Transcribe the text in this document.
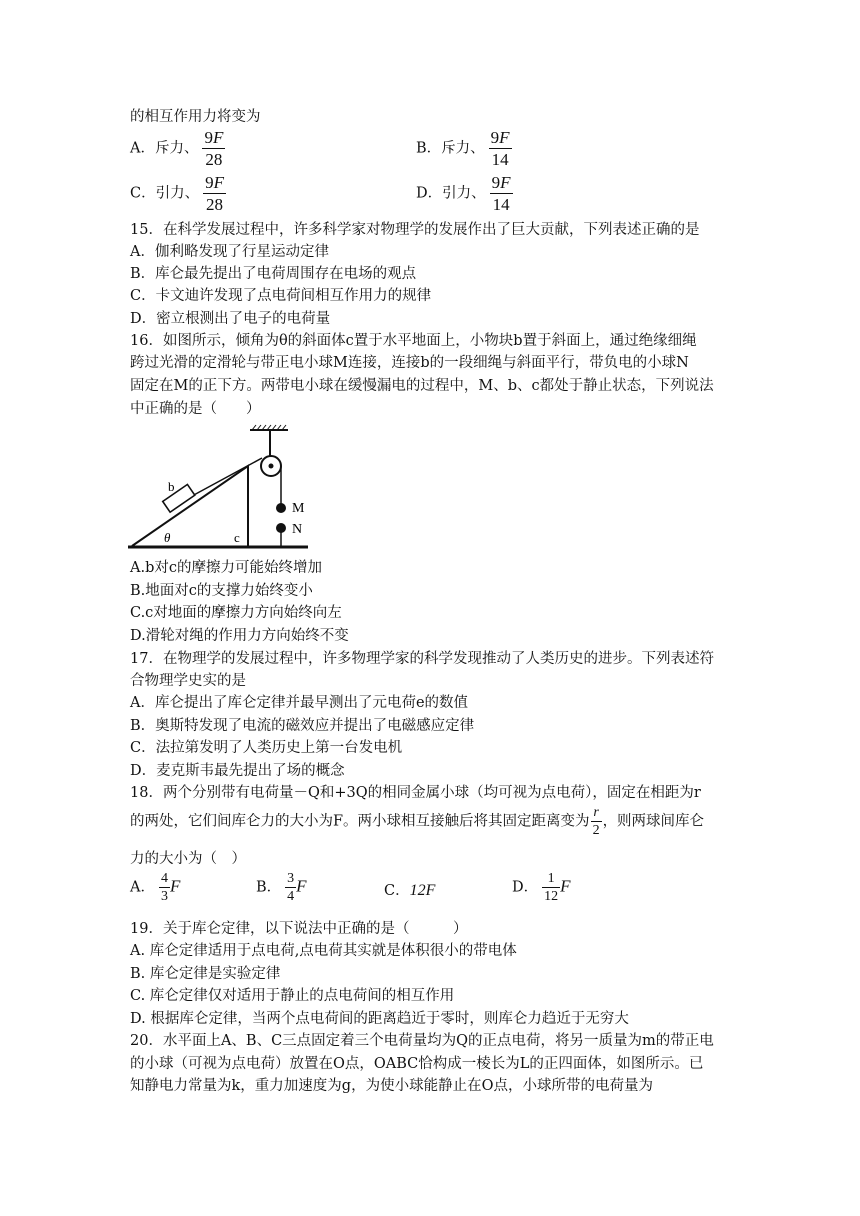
的相互作用力将变为
A．斥力、 $\frac{9F}{28}$	B．斥力、 $\frac{9F}{14}$
C．引力、 $\frac{9F}{28}$	D．引力、 $\frac{9F}{14}$
15．在科学发展过程中，许多科学家对物理学的发展作出了巨大贡献，下列表述正确的是
A．伽利略发现了行星运动定律
B．库仑最先提出了电荷周围存在电场的观点
C．卡文迪许发现了点电荷间相互作用力的规律
D．密立根测出了电子的电荷量
16．如图所示，倾角为θ的斜面体c置于水平地面上，小物块b置于斜面上，通过绝缘细绳
跨过光滑的定滑轮与带正电小球M连接，连接b的一段细绳与斜面平行，带负电的小球N
固定在M的正下方。两带电小球在缓慢漏电的过程中，M、b、c都处于静止状态，下列说法
中正确的是（　　）
b
c
θ
M
N
A.b对c的摩擦力可能始终增加
B.地面对c的支撑力始终变小
C.c对地面的摩擦力方向始终向左
D.滑轮对绳的作用力方向始终不变
17．在物理学的发展过程中，许多物理学家的科学发现推动了人类历史的进步。下列表述符
合物理学史实的是
A．库仑提出了库仑定律并最早测出了元电荷e的数值
B．奥斯特发现了电流的磁效应并提出了电磁感应定律
C．法拉第发明了人类历史上第一台发电机
D．麦克斯韦最先提出了场的概念
18．两个分别带有电荷量－Q和+3Q的相同金属小球（均可视为点电荷），固定在相距为r
的两处，它们间库仑力的大小为F。两小球相互接触后将其固定距离变为 $\frac{r}{2}$ ，则两球间库仑
力的大小为（　）
A． $\frac{4}{3}$ F	B． $\frac{3}{4}$ F	C．12F	D． $\frac{1}{12}$ F
19．关于库仑定律，以下说法中正确的是（　　　）
A. 库仑定律适用于点电荷,点电荷其实就是体积很小的带电体
B. 库仑定律是实验定律
C. 库仑定律仅对适用于静止的点电荷间的相互作用
D. 根据库仑定律，当两个点电荷间的距离趋近于零时，则库仑力趋近于无穷大
20．水平面上A、B、C三点固定着三个电荷量均为Q的正点电荷，将另一质量为m的带正电
的小球（可视为点电荷）放置在O点，OABC恰构成一棱长为L的正四面体，如图所示。已
知静电力常量为k，重力加速度为g，为使小球能静止在O点，小球所带的电荷量为
